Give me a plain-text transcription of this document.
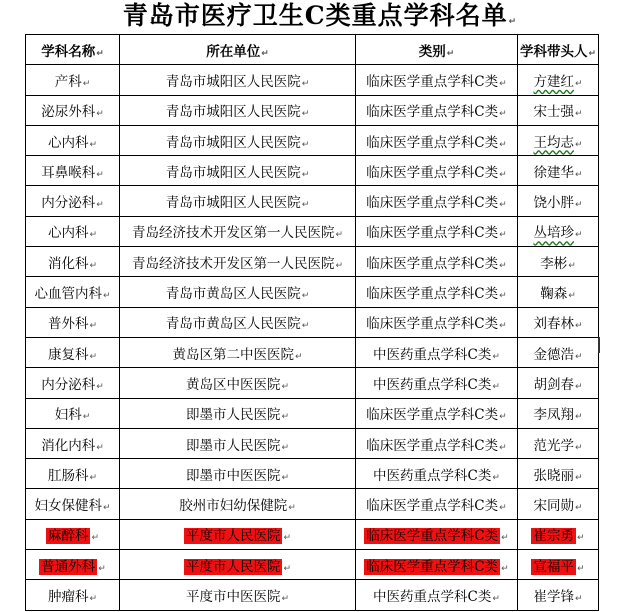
青岛市医疗卫生C类重点学科名单↵
学科名称↵	所在单位↵	类别↵	学科带头人↵
产科↵	青岛市城阳区人民医院↵	临床医学重点学科C类↵	方建红↵
泌尿外科↵	青岛市城阳区人民医院↵	临床医学重点学科C类↵	宋士强↵
心内科↵	青岛市城阳区人民医院↵	临床医学重点学科C类↵	王均志↵
耳鼻喉科↵	青岛市城阳区人民医院↵	临床医学重点学科C类↵	徐建华↵
内分泌科↵	青岛市城阳区人民医院↵	临床医学重点学科C类↵	饶小胖↵
心内科↵	青岛经济技术开发区第一人民医院↵	临床医学重点学科C类↵	丛培珍↵
消化科↵	青岛经济技术开发区第一人民医院↵	临床医学重点学科C类↵	李彬↵
心血管内科↵	青岛市黄岛区人民医院↵	临床医学重点学科C类↵	鞠森↵
普外科↵	青岛市黄岛区人民医院↵	临床医学重点学科C类↵	刘春林↵
康复科↵	黄岛区第二中医医院↵	中医药重点学科C类↵	金德浩↵
内分泌科↵	黄岛区中医医院↵	中医药重点学科C类↵	胡剑春↵
妇科↵	即墨市人民医院↵	临床医学重点学科C类↵	李凤翔↵
消化内科↵	即墨市人民医院↵	临床医学重点学科C类↵	范光学↵
肛肠科↵	即墨市中医医院↵	中医药重点学科C类↵	张晓丽↵
妇女保健科↵	胶州市妇幼保健院↵	临床医学重点学科C类↵	宋同勋↵
麻醉科 ↵	平度市人民医院 ↵	临床医学重点学科C类 ↵	崔宗勇 ↵
普通外科 ↵	平度市人民医院 ↵	临床医学重点学科C类 ↵	宣福平 ↵
肿瘤科↵	平度市中医医院↵	中医药重点学科C类↵	崔学锋↵
